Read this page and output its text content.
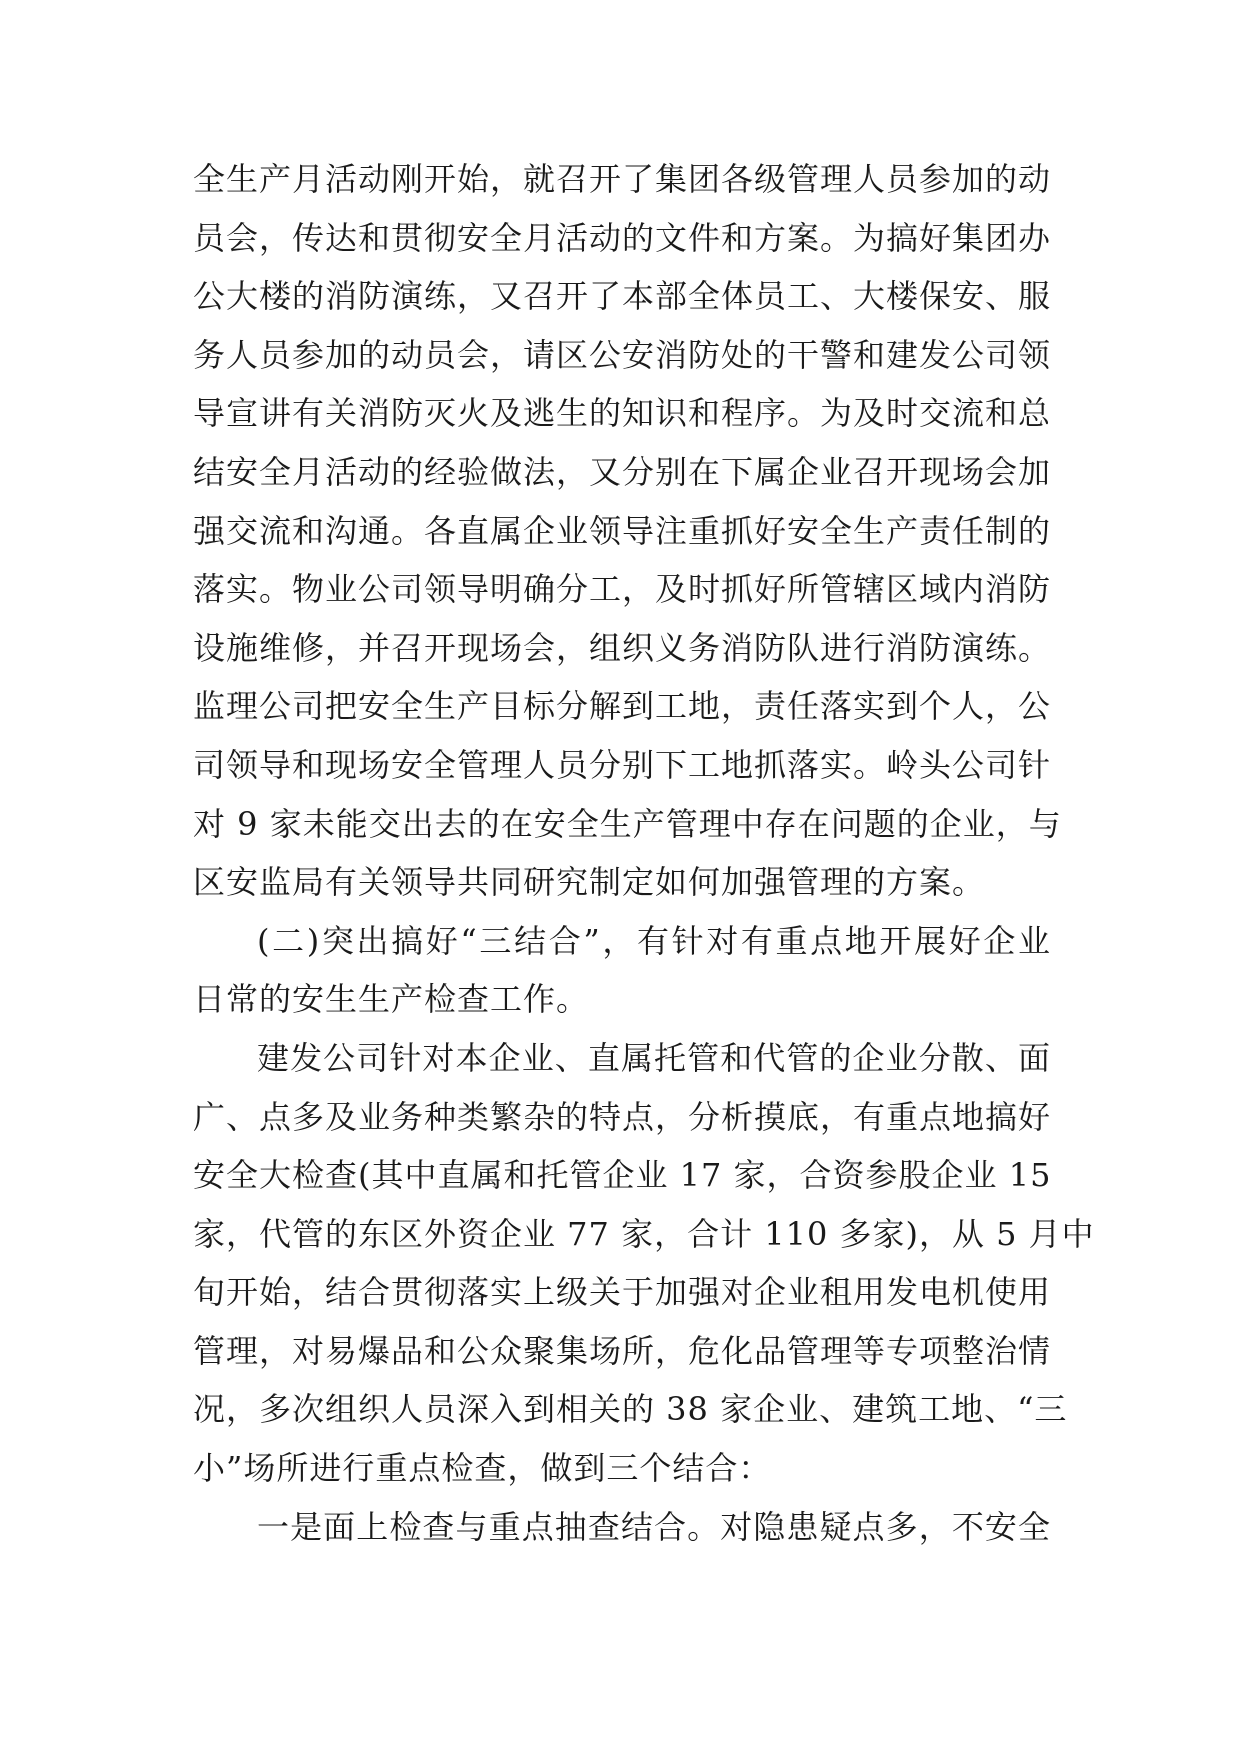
全生产月活动刚开始，就召开了集团各级管理人员参加的动
员会，传达和贯彻安全月活动的文件和方案。为搞好集团办
公大楼的消防演练，又召开了本部全体员工、大楼保安、服
务人员参加的动员会，请区公安消防处的干警和建发公司领
导宣讲有关消防灭火及逃生的知识和程序。为及时交流和总
结安全月活动的经验做法，又分别在下属企业召开现场会加
强交流和沟通。各直属企业领导注重抓好安全生产责任制的
落实。物业公司领导明确分工，及时抓好所管辖区域内消防
设施维修，并召开现场会，组织义务消防队进行消防演练。
监理公司把安全生产目标分解到工地，责任落实到个人，公
司领导和现场安全管理人员分别下工地抓落实。岭头公司针
对 9 家未能交出去的在安全生产管理中存在问题的企业，与
区安监局有关领导共同研究制定如何加强管理的方案。
(二)突出搞好“三结合”，有针对有重点地开展好企业
日常的安生生产检查工作。
建发公司针对本企业、直属托管和代管的企业分散、面
广、点多及业务种类繁杂的特点，分析摸底，有重点地搞好
安全大检查(其中直属和托管企业 17 家，合资参股企业 15
家，代管的东区外资企业 77 家，合计 110 多家)，从 5 月中
旬开始，结合贯彻落实上级关于加强对企业租用发电机使用
管理，对易爆品和公众聚集场所，危化品管理等专项整治情
况，多次组织人员深入到相关的 38 家企业、建筑工地、“三
小”场所进行重点检查，做到三个结合：
一是面上检查与重点抽查结合。对隐患疑点多，不安全
